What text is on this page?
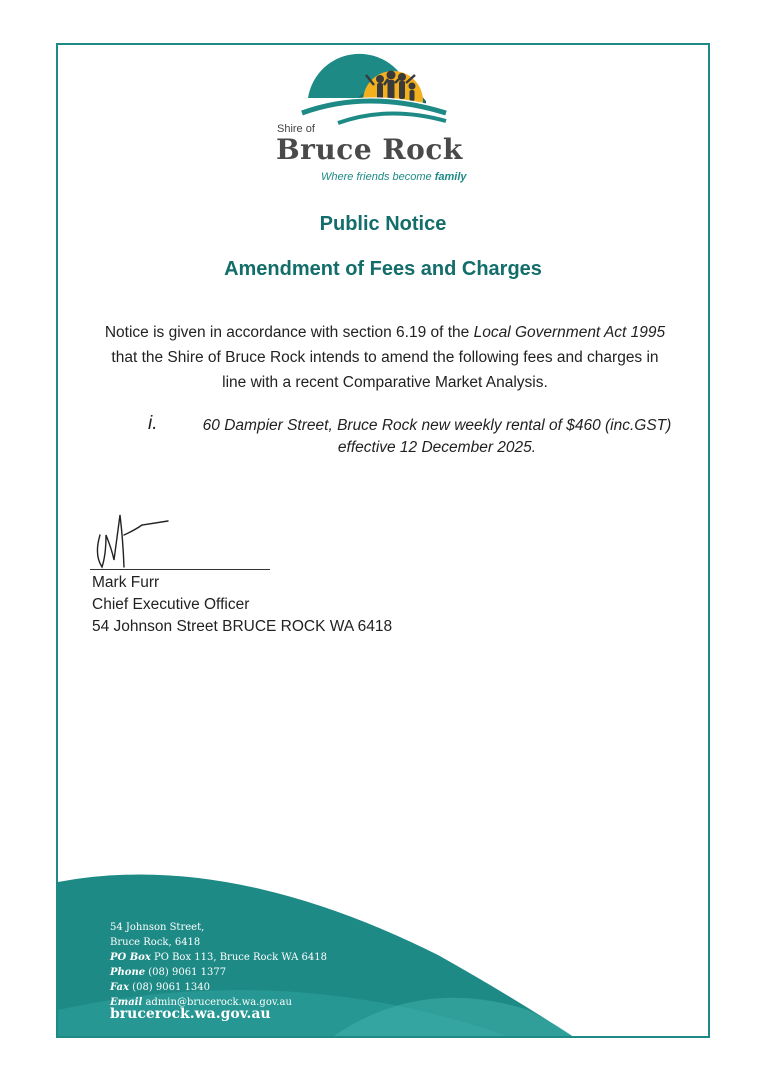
Shire of
Bruce Rock
Where friends become family
Public Notice
Amendment of Fees and Charges
Notice is given in accordance with section 6.19 of the Local Government Act 1995 that the Shire of Bruce Rock intends to amend the following fees and charges in line with a recent Comparative Market Analysis.
i.	60 Dampier Street, Bruce Rock new weekly rental of $460 (inc.GST) effective 12 December 2025.
Mark Furr
Chief Executive Officer
54 Johnson Street BRUCE ROCK WA 6418
54 Johnson Street,
Bruce Rock, 6418
PO Box PO Box 113, Bruce Rock WA 6418
Phone (08) 9061 1377
Fax (08) 9061 1340
Email admin@brucerock.wa.gov.au
brucerock.wa.gov.au
